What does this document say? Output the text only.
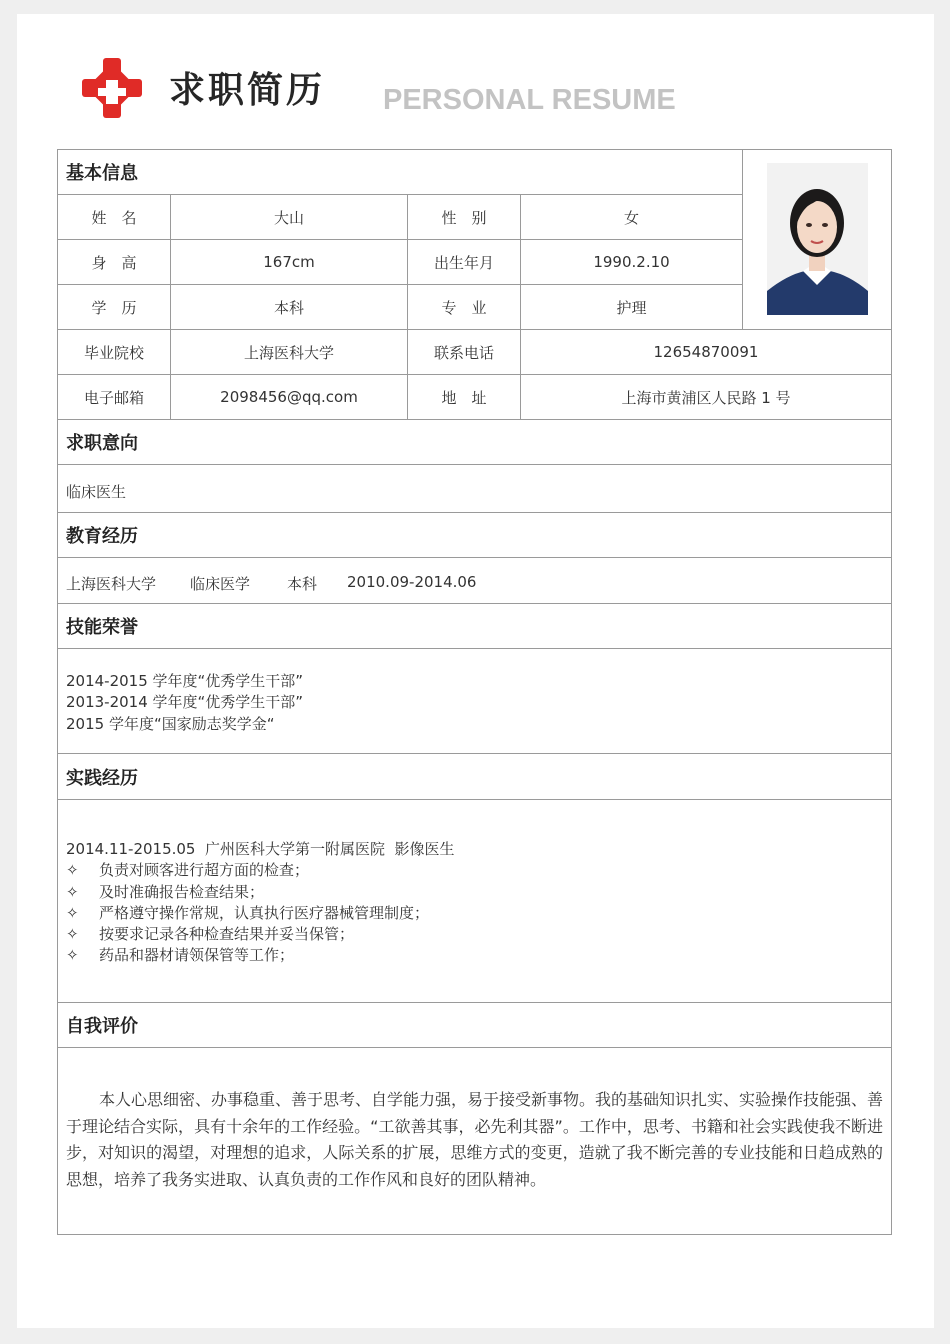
求职简历 PERSONAL RESUME
基本信息
姓　名	大山	性　别	女
身　高	167cm	出生年月	1990.2.10
学　历	本科	专　业	护理
毕业院校	上海医科大学	联系电话	12654870091
电子邮箱	2098456@qq.com	地　址	上海市黄浦区人民路 1 号
求职意向
临床医生
教育经历
上海医科大学 临床医学 本科 2010.09-2014.06
技能荣誉
2014-2015 学年度“优秀学生干部”
2013-2014 学年度“优秀学生干部”
2015 学年度“国家励志奖学金“
实践经历
2014.11-2015.05  广州医科大学第一附属医院  影像医生
✧	负责对顾客进行超方面的检查；
✧	及时准确报告检查结果；
✧	严格遵守操作常规，认真执行医疗器械管理制度；
✧	按要求记录各种检查结果并妥当保管；
✧	药品和器材请领保管等工作；
自我评价
本人心思细密、办事稳重、善于思考、自学能力强，易于接受新事物。我的基础知识扎实、实验操作技能强、善于理论结合实际，具有十余年的工作经验。“工欲善其事，必先利其器”。工作中，思考、书籍和社会实践使我不断进步，对知识的渴望，对理想的追求，人际关系的扩展，思维方式的变更，造就了我不断完善的专业技能和日趋成熟的思想，培养了我务实进取、认真负责的工作作风和良好的团队精神。
